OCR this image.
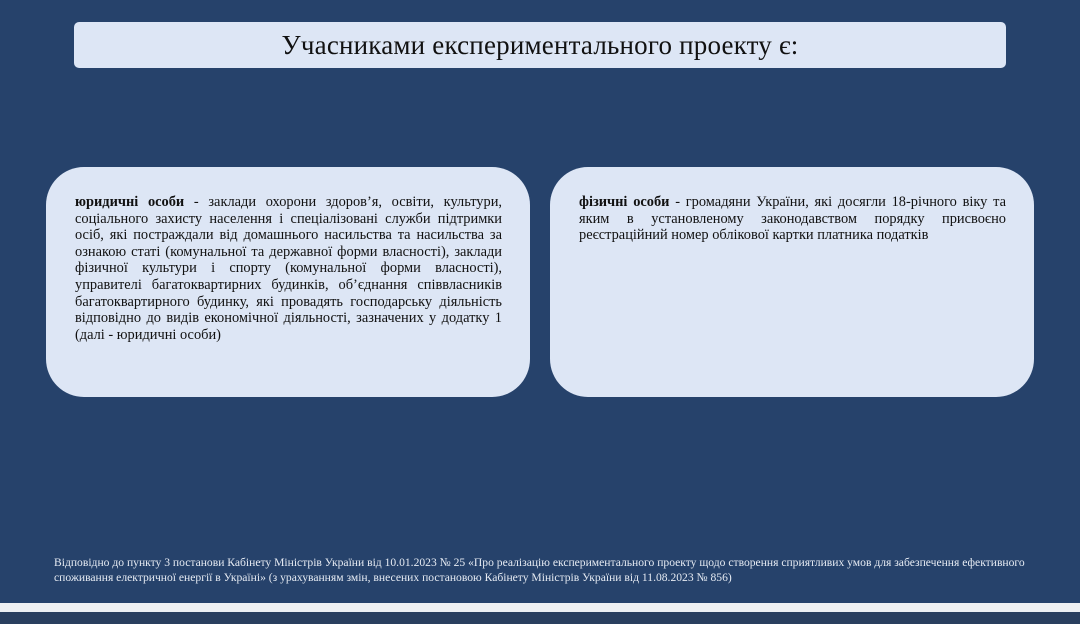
Учасниками експериментального проекту є:

юридичні особи - заклади охорони здоров’я, освіти, культури, соціального захисту населення і спеціалізовані служби підтримки осіб, які постраждали від домашнього насильства та насильства за ознакою статі (комунальної та державної форми власності), заклади фізичної культури і спорту (комунальної форми власності), управителі багатоквартирних будинків, об’єднання співвласників багатоквартирного будинку, які провадять господарську діяльність відповідно до видів економічної діяльності, зазначених у додатку 1 (далі - юридичні особи)

фізичні особи - громадяни України, які досягли 18-річного віку та яким в установленому законодавством порядку присвоєно реєстраційний номер облікової картки платника податків

Відповідно до пункту 3 постанови Кабінету Міністрів України від 10.01.2023 № 25 «Про реалізацію експериментального проекту щодо створення сприятливих умов для забезпечення ефективного споживання електричної енергії в Україні» (з урахуванням змін, внесених постановою Кабінету Міністрів України від 11.08.2023 № 856)
